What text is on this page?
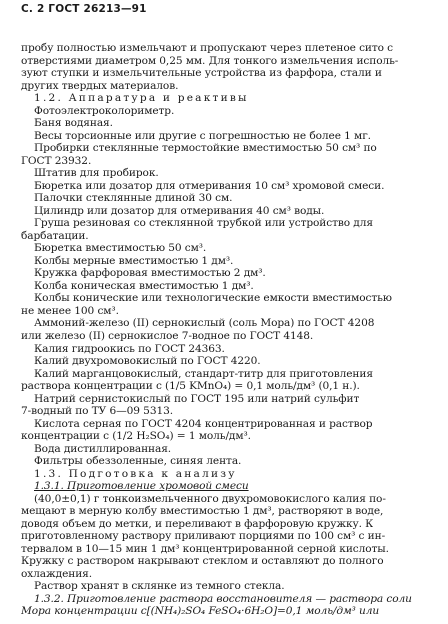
С. 2 ГОСТ 26213—91
пробу полностью измельчают и пропускают через плетеное сито с
отверстиями диаметром 0,25 мм. Для тонкого измельчения исполь-
зуют ступки и измельчительные устройства из фарфора, стали и
других твердых материалов.
1.2. Аппаратура и реактивы
Фотоэлектроколориметр.
Баня водяная.
Весы торсионные или другие с погрешностью не более 1 мг.
Пробирки стеклянные термостойкие вместимостью 50 см³ по
ГОСТ 23932.
Штатив для пробирок.
Бюретка или дозатор для отмеривания 10 см³ хромовой смеси.
Палочки стеклянные длиной 30 см.
Цилиндр или дозатор для отмеривания 40 см³ воды.
Груша резиновая со стеклянной трубкой или устройство для
барбатации.
Бюретка вместимостью 50 см³.
Колбы мерные вместимостью 1 дм³.
Кружка фарфоровая вместимостью 2 дм³.
Колба коническая вместимостью 1 дм³.
Колбы конические или технологические емкости вместимостью
не менее 100 см³.
Аммоний-железо (II) сернокислый (соль Мора) по ГОСТ 4208
или железо (II) сернокислое 7-водное по ГОСТ 4148.
Калия гидроокись по ГОСТ 24363.
Калий двухромовокислый по ГОСТ 4220.
Калий марганцовокислый, стандарт-титр для приготовления
раствора концентрации c (1/5 KMnO₄) = 0,1 моль/дм³ (0,1 н.).
Натрий сернистокислый по ГОСТ 195 или натрий сульфит
7-водный по ТУ 6—09 5313.
Кислота серная по ГОСТ 4204 концентрированная и раствор
концентрации c (1/2 H₂SO₄) = 1 моль/дм³.
Вода дистиллированная.
Фильтры обеззоленные, синяя лента.
1.3. Подготовка к анализу
1.3.1. Приготовление хромовой смеси
(40,0±0,1) г тонкоизмельченного двухромовокислого калия по-
мещают в мерную колбу вместимостью 1 дм³, растворяют в воде,
доводя объем до метки, и переливают в фарфоровую кружку. К
приготовленному раствору приливают порциями по 100 см³ с ин-
тервалом в 10—15 мин 1 дм³ концентрированной серной кислоты.
Кружку с раствором накрывают стеклом и оставляют до полного
охлаждения.
Раствор хранят в склянке из темного стекла.
1.3.2. Приготовление раствора восстановителя — раствора соли
Мора концентрации c[(NH₄)₂SO₄ FeSO₄·6H₂O]=0,1 моль/дм³ или
